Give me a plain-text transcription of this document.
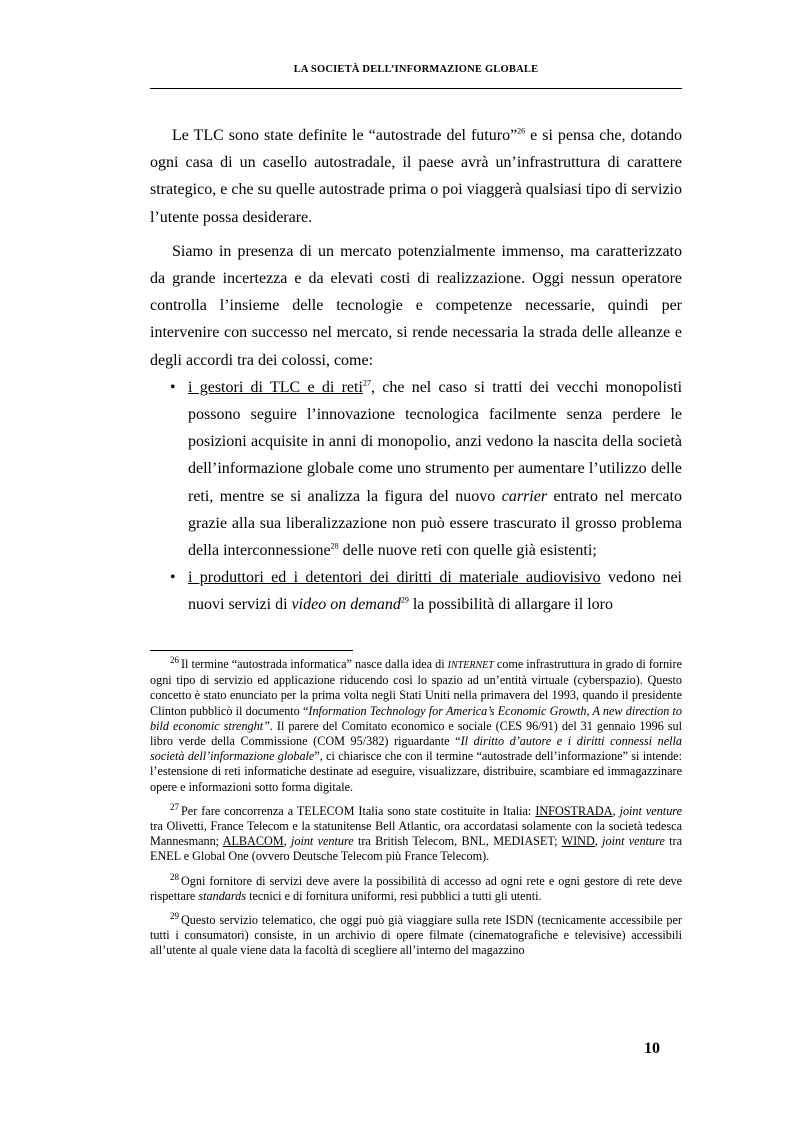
LA SOCIETÀ DELL’INFORMAZIONE GLOBALE

Le TLC sono state definite le “autostrade del futuro”$^{26}$ e si pensa che, dotando ogni casa di un casello autostradale, il paese avrà un’infrastruttura di carattere strategico, e che su quelle autostrade prima o poi viaggerà qualsiasi tipo di servizio l’utente possa desiderare.

Siamo in presenza di un mercato potenzialmente immenso, ma caratterizzato da grande incertezza e da elevati costi di realizzazione. Oggi nessun operatore controlla l’insieme delle tecnologie e competenze necessarie, quindi per intervenire con successo nel mercato, si rende necessaria la strada delle alleanze e degli accordi tra dei colossi, come:

• i gestori di TLC e di reti$^{27}$, che nel caso si tratti dei vecchi monopolisti possono seguire l’innovazione tecnologica facilmente senza perdere le posizioni acquisite in anni di monopolio, anzi vedono la nascita della società dell’informazione globale come uno strumento per aumentare l’utilizzo delle reti, mentre se si analizza la figura del nuovo carrier entrato nel mercato grazie alla sua liberalizzazione non può essere trascurato il grosso problema della interconnessione$^{28}$ delle nuove reti con quelle già esistenti;
• i produttori ed i detentori dei diritti di materiale audiovisivo vedono nei nuovi servizi di video on demand$^{29}$ la possibilità di allargare il loro

$^{26}$ Il termine “autostrada informatica” nasce dalla idea di INTERNET come infrastruttura in grado di fornire ogni tipo di servizio ed applicazione riducendo così lo spazio ad un’entità virtuale (cyberspazio). Questo concetto è stato enunciato per la prima volta negli Stati Uniti nella primavera del 1993, quando il presidente Clinton pubblicò il documento “Information Technology for America’s Economic Growth, A new direction to bild economic strenght”. Il parere del Comitato economico e sociale (CES 96/91) del 31 gennaio 1996 sul libro verde della Commissione (COM 95/382) riguardante “Il diritto d’autore e i diritti connessi nella società dell’informazione globale”, ci chiarisce che con il termine “autostrade dell’informazione” si intende: l’estensione di reti informatiche destinate ad eseguire, visualizzare, distribuire, scambiare ed immagazzinare opere e informazioni sotto forma digitale.

$^{27}$ Per fare concorrenza a TELECOM Italia sono state costituite in Italia: INFOSTRADA, joint venture tra Olivetti, France Telecom e la statunitense Bell Atlantic, ora accordatasi solamente con la società tedesca Mannesmann; ALBACOM, joint venture tra British Telecom, BNL, MEDIASET; WIND, joint venture tra ENEL e Global One (ovvero Deutsche Telecom più France Telecom).

$^{28}$ Ogni fornitore di servizi deve avere la possibilità di accesso ad ogni rete e ogni gestore di rete deve rispettare standards tecnici e di fornitura uniformi, resi pubblici a tutti gli utenti.

$^{29}$ Questo servizio telematico, che oggi può già viaggiare sulla rete ISDN (tecnicamente accessibile per tutti i consumatori) consiste, in un archivio di opere filmate (cinematografiche e televisive) accessibili all’utente al quale viene data la facoltà di scegliere all’interno del magazzino

10
